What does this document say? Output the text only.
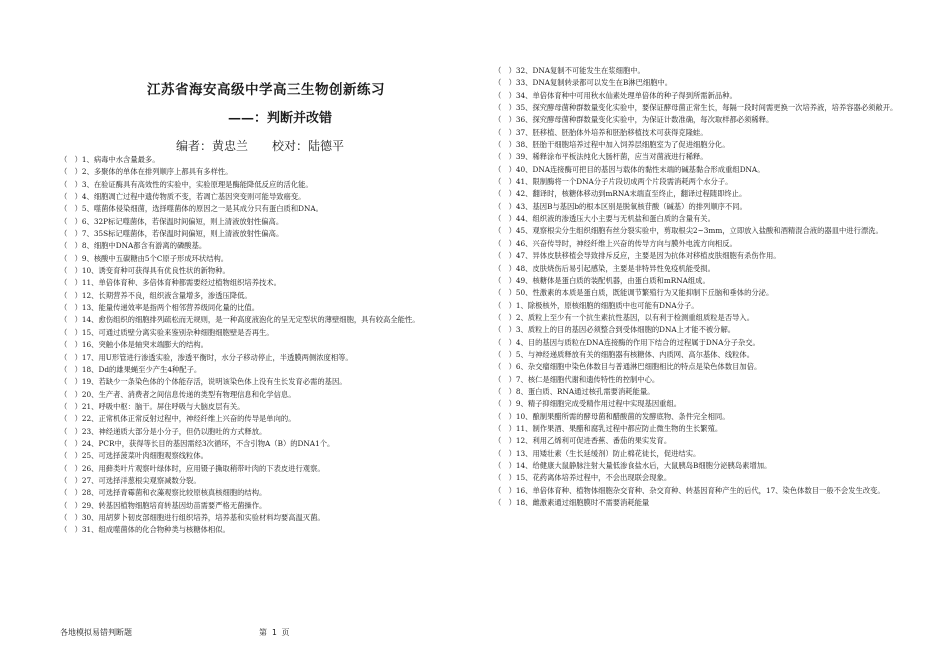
江苏省海安高级中学高三生物创新练习
——：判断并改错
编者：黄忠兰　　校对：陆德平
（　）1、病毒中水含量最多。
（　）2、多聚体的单体在排列顺序上都具有多样性。
（　）3、在验证酶具有高效性的实验中，实验原理是酶能降低反应的活化能。
（　）4、细胞凋亡过程中遗传物质不变，若凋亡基因突变则可能导致癌变。
（　）5、噬菌体侵染细菌，选择噬菌体的原因之一是其成分只有蛋白质和DNA。
（　）6、32P标记噬菌体，若保温时间偏短，则上清液放射性偏高。
（　）7、35S标记噬菌体，若保温时间偏短，则上清液放射性偏高。
（　）8、细胞中DNA都含有游离的磷酸基。
（　）9、核酸中五碳糖由5个C原子形成环状结构。
（　）10、诱变育种可获得具有优良性状的新物种。
（　）11、单倍体育种、多倍体育种都需要经过植物组织培养技术。
（　）12、长期营养不良，组织液含量增多，渗透压降低。
（　）13、能量传递效率是指两个相邻营养级同化量的比值。
（　）14、愈伤组织的细胞排列疏松而无规则，是一种高度液泡化的呈无定型状的薄壁细胞，具有较高全能性。
（　）15、可通过质壁分离实验来鉴别杂种细胞细胞壁是否再生。
（　）16、突触小体是轴突末端膨大的结构。
（　）17、用U形管进行渗透实验，渗透平衡时，水分子移动停止，半透膜两侧浓度相等。
（　）18、Dd的雄果蝇至少产生4种配子。
（　）19、若缺少一条染色体的个体能存活，说明该染色体上没有生长发育必需的基因。
（　）20、生产者、消费者之间信息传递的类型有物理信息和化学信息。
（　）21、呼吸中枢：脑干。屏住呼吸与大脑皮层有关。
（　）22、正常机体正常反射过程中，神经纤维上兴奋的传导是单向的。
（　）23、神经递质大部分是小分子，但仍以胞吐的方式释放。
（　）24、PCR中，获得等长目的基因需经3次循环，不含引物A（B）的DNA1个。
（　）25、可选择菠菜叶肉细胞观察线粒体。
（　）26、用藓类叶片观察叶绿体时，应用镊子撕取稍带叶肉的下表皮进行观察。
（　）27、可选择洋葱根尖观察减数分裂。
（　）28、可选择青霉菌和衣藻观察比较原核真核细胞的结构。
（　）29、转基因植物细胞培育转基因幼苗需要严格无菌操作。
（　）30、用胡萝卜韧皮部细胞进行组织培养，培养基和实验材料均要高温灭菌。
（　）31、组成噬菌体的化合物种类与核糖体相似。
（　）32、DNA复制不可能发生在浆细胞中。
（　）33、DNA复制转录都可以发生在B淋巴细胞中。
（　）34、单倍体育种中可用秋水仙素处理单倍体的种子得到所需新品种。
（　）35、探究酵母菌种群数量变化实验中，要保证酵母菌正常生长，每隔一段时间需更换一次培养液，培养容器必须敞开。
（　）36、探究酵母菌种群数量变化实验中，为保证计数准确，每次取样都必须稀释。
（　）37、胚移植、胚胎体外培养和胚胎移植技术可获得克隆蛙。
（　）38、胚胎干细胞培养过程中加入饲养层细胞室为了促进细胞分化。
（　）39、稀释涂布平板法纯化大肠杆菌，应当对菌液进行稀释。
（　）40、DNA连接酶可把目的基因与载体的黏性末端的碱基黏合形成重组DNA。
（　）41、限制酶将一个DNA分子片段切成两个片段需消耗两个水分子。
（　）42、翻译时，核糖体移动到mRNA末端直至终止，翻译过程随即终止。
（　）43、基因B与基因b的根本区别是脱氧核苷酸（碱基）的排列顺序不同。
（　）44、组织液的渗透压大小主要与无机盐和蛋白质的含量有关。
（　）45、观察根尖分生组织细胞有丝分裂实验中，剪取根尖2~3mm，立即放入盐酸和酒精混合液的器皿中进行漂洗。
（　）46、兴奋传导时，神经纤维上兴奋的传导方向与膜外电流方向相反。
（　）47、异体皮肤移植会导致排斥反应，主要是因为抗体对移植皮肤细胞有杀伤作用。
（　）48、皮肤烧伤后易引起感染，主要是非特异性免疫机能受损。
（　）49、核糖体是蛋白质的装配机器，由蛋白质和mRNA组成。
（　）50、性激素的本质是蛋白质，既能调节繁殖行为又能抑制下丘脑和垂体的分泌。
（　）1、除极核外，原核细胞的细胞质中也可能有DNA分子。
（　）2、质粒上至少有一个抗生素抗性基因，以有利于检测重组质粒是否导入。
（　）3、质粒上的目的基因必须整合到受体细胞的DNA上才能不被分解。
（　）4、目的基因与质粒在DNA连接酶的作用下结合的过程属于DNA分子杂交。
（　）5、与神经递质释放有关的细胞器有核糖体、内质网、高尔基体、线粒体。
（　）6、杂交瘤细胞中染色体数目与普通淋巴细胞相比的特点是染色体数目加倍。
（　）7、核仁是细胞代谢和遗传特性的控制中心。
（　）8、蛋白质、RNA通过核孔需要消耗能量。
（　）9、精子抑细胞完成受精作用过程中实现基因重组。
（　）10、酿制果醋所需的酵母菌和醋酸菌的发酵底物、条件完全相同。
（　）11、制作果酒、果醋和腐乳过程中都应防止微生物的生长繁殖。
（　）12、利用乙烯利可促进香蕉、番茄的果实发育。
（　）13、用矮壮素（生长延缓剂）防止棉花徒长，促进结实。
（　）14、给健康大鼠静脉注射大量低渗食盐水后，大鼠胰岛B细胞分泌胰岛素增加。
（　）15、花药离体培养过程中，不会出现联会现象。
（　）16、单倍体育种、植物体细胞杂交育种、杂交育种、转基因育种产生的后代，17、染色体数目一般不会发生改变。
（　）18、雌激素通过细胞膜时不需要消耗能量
各地模拟易错判断题	第 1 页
